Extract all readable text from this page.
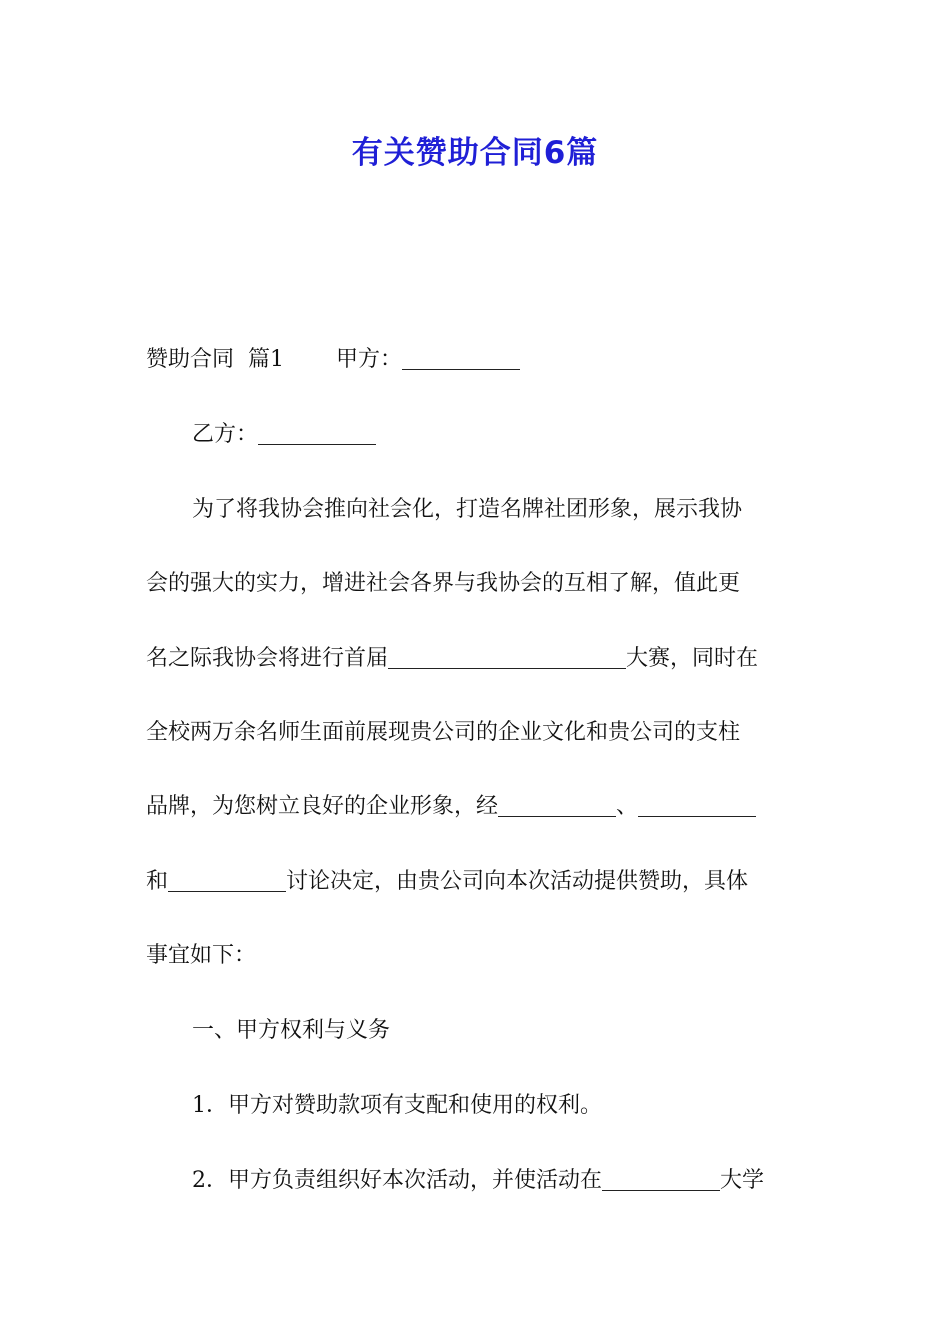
有关赞助合同6篇
赞助合同 篇1 甲方：
乙方：
为了将我协会推向社会化，打造名牌社团形象，展示我协
会的强大的实力，增进社会各界与我协会的互相了解，值此更
名之际我协会将进行首届	大赛，同时在
全校两万余名师生面前展现贵公司的企业文化和贵公司的支柱
品牌，为您树立良好的企业形象，经	、
和	讨论决定，由贵公司向本次活动提供赞助，具体
事宜如下：
一、甲方权利与义务
1．甲方对赞助款项有支配和使用的权利。
2．甲方负责组织好本次活动，并使活动在	大学
